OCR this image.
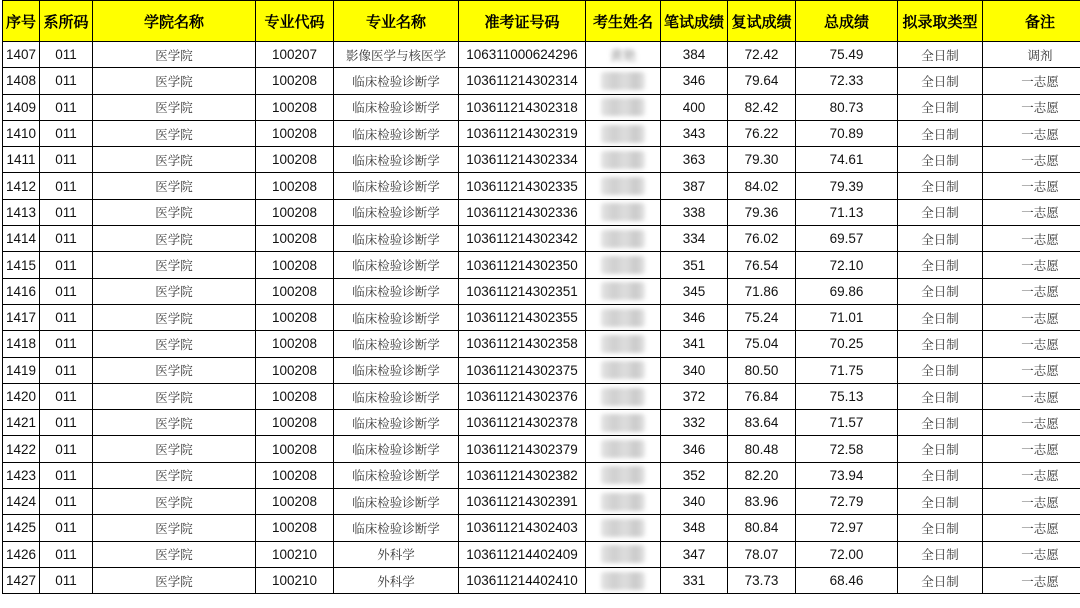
序号	系所码	学院名称	专业代码	专业名称	准考证号码	考生姓名	笔试成绩	复试成绩	总成绩	拟录取类型	备注
1407	011	医学院	100207	影像医学与核医学	106311000624296	黄艳	384	72.42	75.49	全日制	调剂
1408	011	医学院	100208	临床检验诊断学	103611214302314		346	79.64	72.33	全日制	一志愿
1409	011	医学院	100208	临床检验诊断学	103611214302318		400	82.42	80.73	全日制	一志愿
1410	011	医学院	100208	临床检验诊断学	103611214302319		343	76.22	70.89	全日制	一志愿
1411	011	医学院	100208	临床检验诊断学	103611214302334		363	79.30	74.61	全日制	一志愿
1412	011	医学院	100208	临床检验诊断学	103611214302335		387	84.02	79.39	全日制	一志愿
1413	011	医学院	100208	临床检验诊断学	103611214302336		338	79.36	71.13	全日制	一志愿
1414	011	医学院	100208	临床检验诊断学	103611214302342		334	76.02	69.57	全日制	一志愿
1415	011	医学院	100208	临床检验诊断学	103611214302350		351	76.54	72.10	全日制	一志愿
1416	011	医学院	100208	临床检验诊断学	103611214302351		345	71.86	69.86	全日制	一志愿
1417	011	医学院	100208	临床检验诊断学	103611214302355		346	75.24	71.01	全日制	一志愿
1418	011	医学院	100208	临床检验诊断学	103611214302358		341	75.04	70.25	全日制	一志愿
1419	011	医学院	100208	临床检验诊断学	103611214302375		340	80.50	71.75	全日制	一志愿
1420	011	医学院	100208	临床检验诊断学	103611214302376		372	76.84	75.13	全日制	一志愿
1421	011	医学院	100208	临床检验诊断学	103611214302378		332	83.64	71.57	全日制	一志愿
1422	011	医学院	100208	临床检验诊断学	103611214302379		346	80.48	72.58	全日制	一志愿
1423	011	医学院	100208	临床检验诊断学	103611214302382		352	82.20	73.94	全日制	一志愿
1424	011	医学院	100208	临床检验诊断学	103611214302391		340	83.96	72.79	全日制	一志愿
1425	011	医学院	100208	临床检验诊断学	103611214302403		348	80.84	72.97	全日制	一志愿
1426	011	医学院	100210	外科学	103611214402409		347	78.07	72.00	全日制	一志愿
1427	011	医学院	100210	外科学	103611214402410		331	73.73	68.46	全日制	一志愿
